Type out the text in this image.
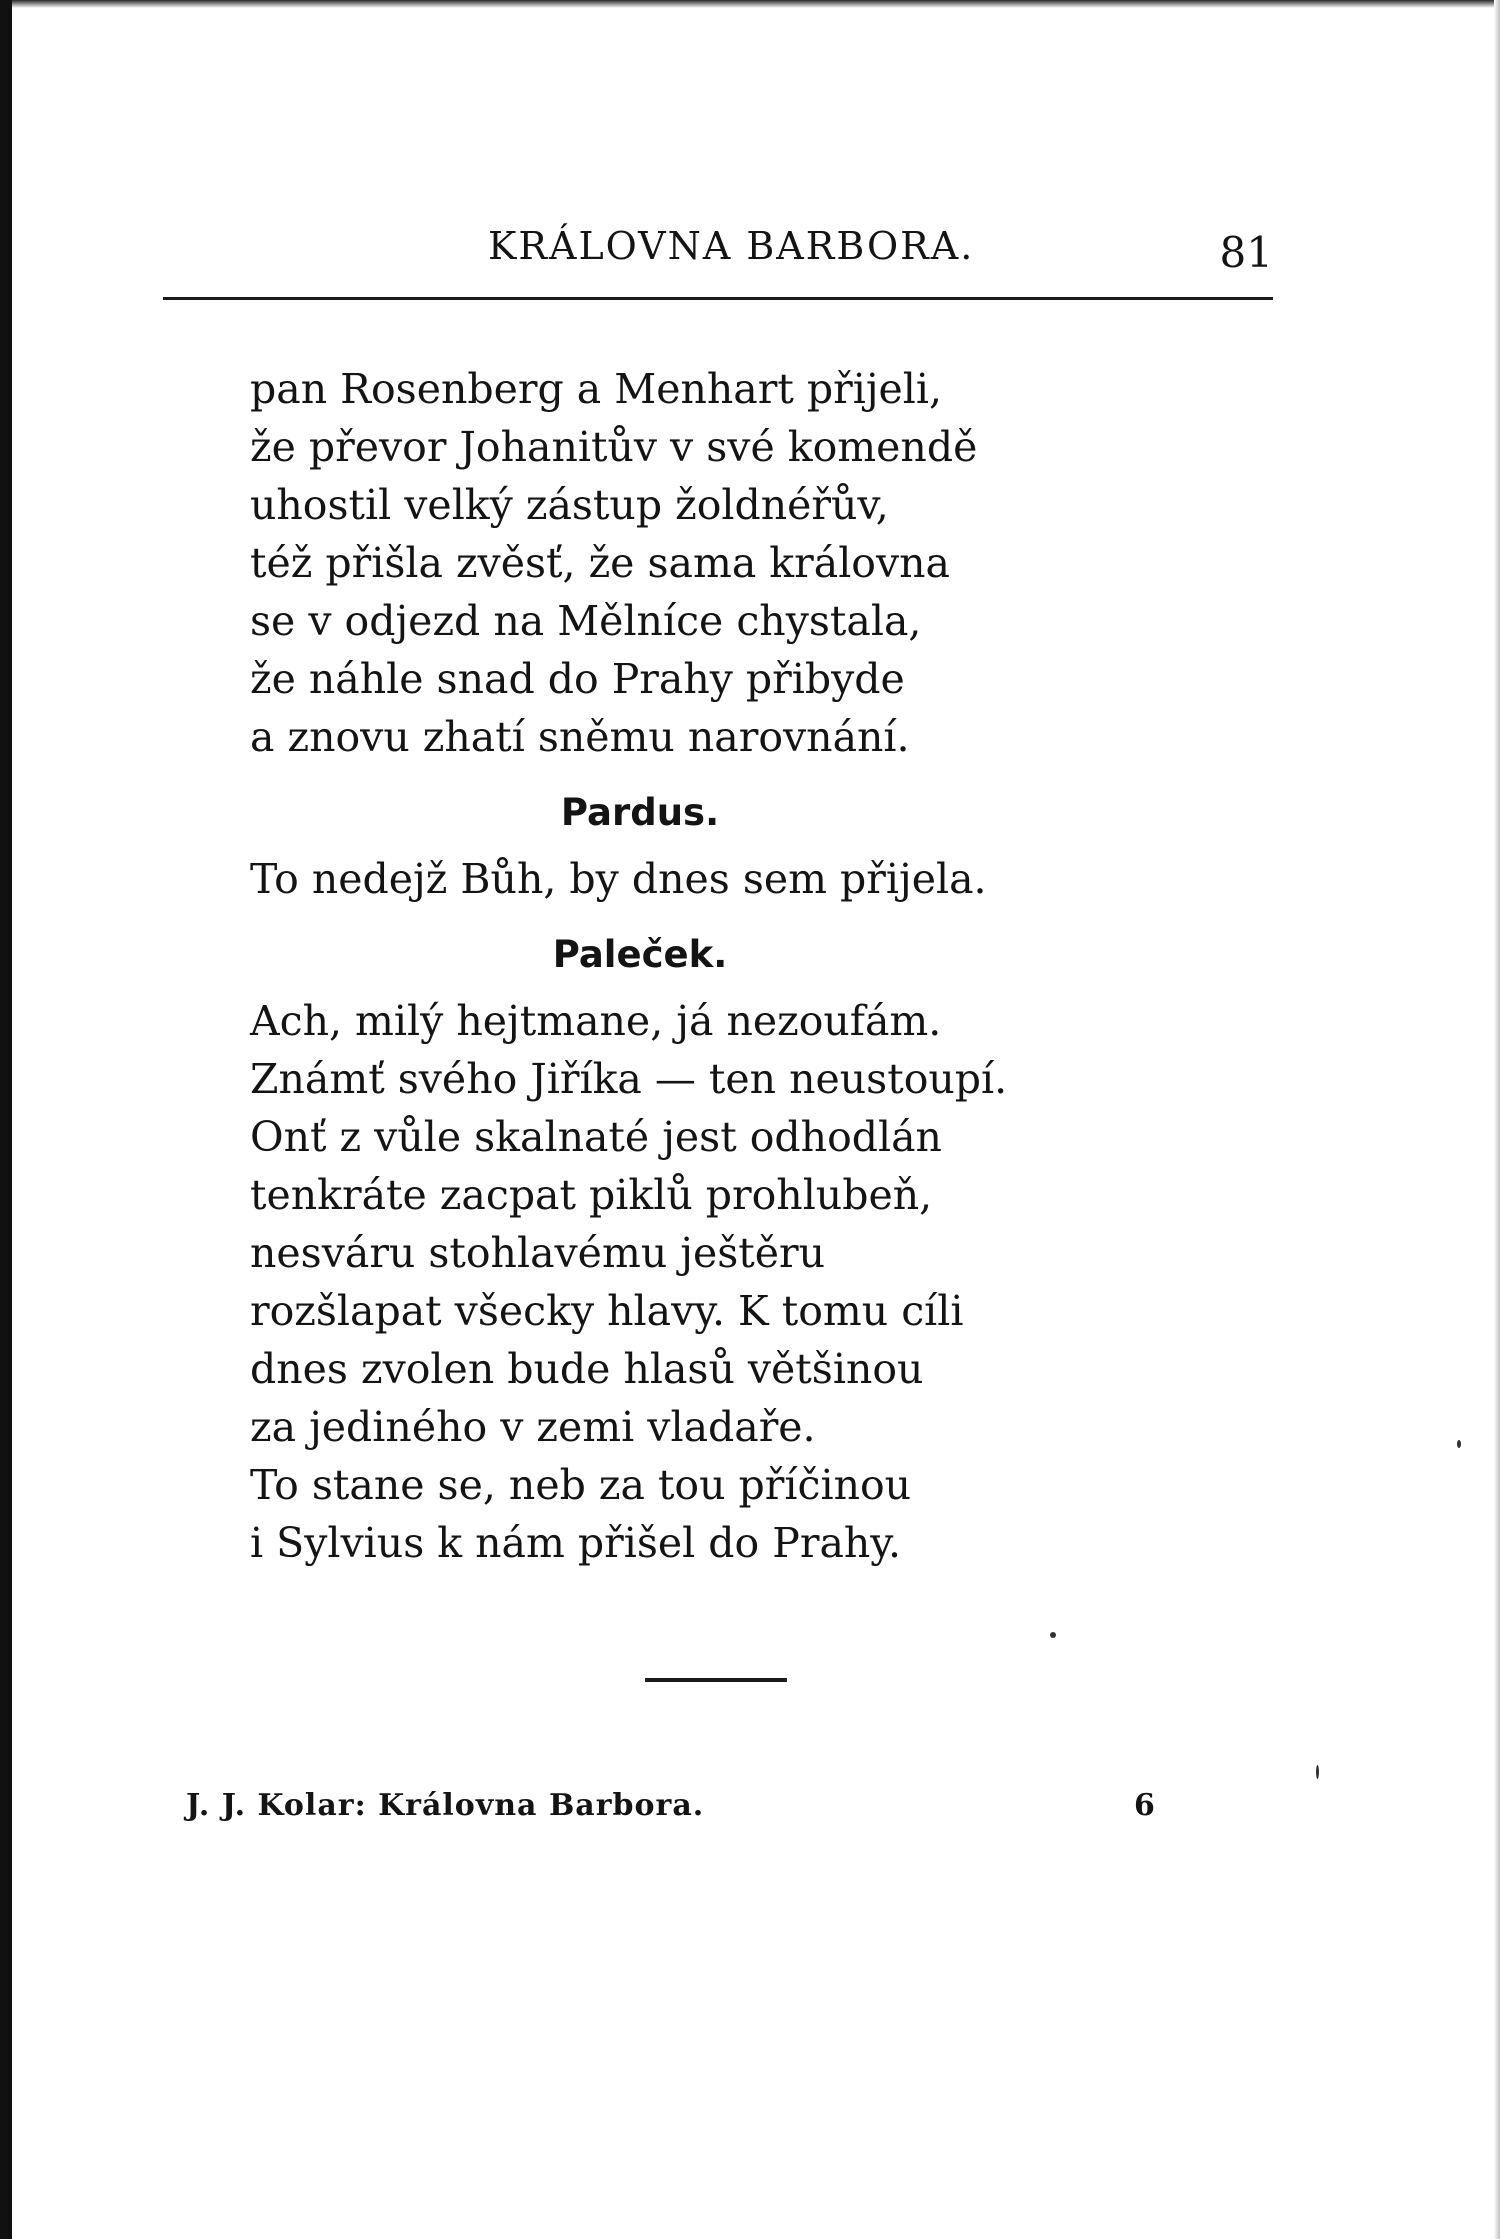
KRÁLOVNA BARBORA.	81

pan Rosenberg a Menhart přijeli,

že převor Johanitův v své komendě

uhostil velký zástup žoldnéřův,

též přišla zvěsť, že sama královna

se v odjezd na Mělníce chystala,

že náhle snad do Prahy přibyde

a znovu zhatí sněmu narovnání.

Pardus.

To nedejž Bůh, by dnes sem přijela.

Paleček.

Ach, milý hejtmane, já nezoufám.

Známť svého Jiříka — ten neustoupí.

Onť z vůle skalnaté jest odhodlán

tenkráte zacpat piklů prohlubeň,

nesváru stohlavému ještěru

rozšlapat všecky hlavy. K tomu cíli

dnes zvolen bude hlasů většinou

za jediného v zemi vladaře.

To stane se, neb za tou příčinou

i Sylvius k nám přišel do Prahy.

J. J. Kolar: Královna Barbora.	6
